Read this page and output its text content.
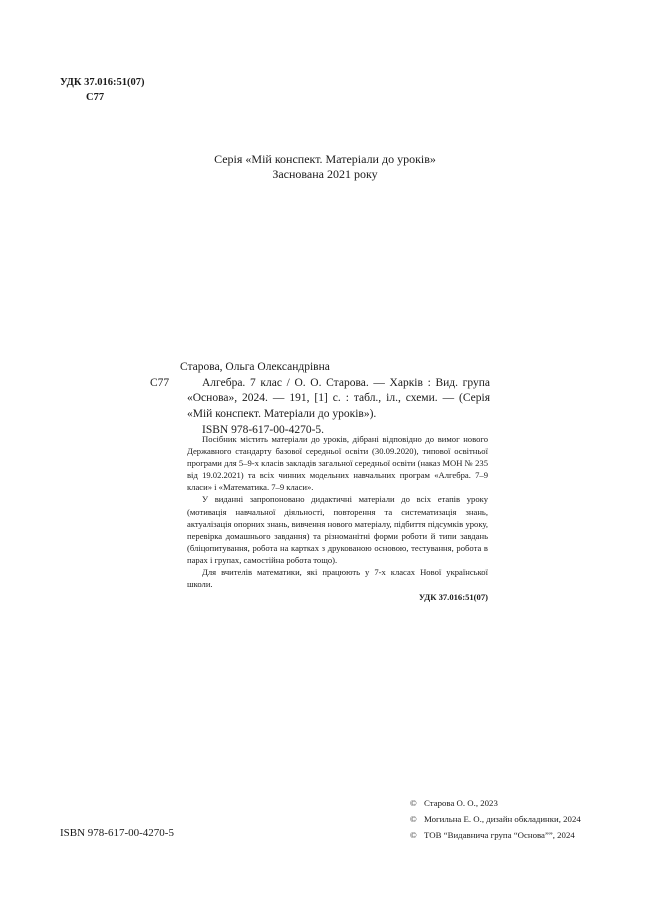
УДК 37.016:51(07)
С77
Серія «Мій конспект. Матеріали до уроків»
Заснована 2021 року
Старова, Ольга Олександрівна
С77	Алгебра. 7 клас / О. О. Старова. — Харків : Вид. група «Основа», 2024. — 191, [1] с. : табл., іл., схеми. — (Серія «Мій конспект. Матеріали до уроків»).

ISBN 978-617-00-4270-5.

Посібник містить матеріали до уроків, дібрані відповідно до вимог нового Державного стандарту базової середньої освіти (30.09.2020), типової освітньої програми для 5–9-х класів закладів загальної середньої освіти (наказ МОН № 235 від 19.02.2021) та всіх чинних модельних навчальних програм «Алгебра. 7–9 класи» і «Математика. 7–9 класи».

У виданні запропоновано дидактичні матеріали до всіх етапів уроку (мотивація навчальної діяльності, повторення та систематизація знань, актуалізація опорних знань, вивчення нового матеріалу, підбиття підсумків уроку, перевірка домашнього завдання) та різноманітні форми роботи й типи завдань (бліцопитування, робота на картках з друкованою основою, тестування, робота в парах і групах, самостійна робота тощо).

Для вчителів математики, які працюють у 7-х класах Нової української школи.

УДК 37.016:51(07)

ISBN 978-617-00-4270-5
© Старова О. О., 2023
© Могильна Е. О., дизайн обкладинки, 2024
© ТОВ “Видавнича група “Основа””, 2024
